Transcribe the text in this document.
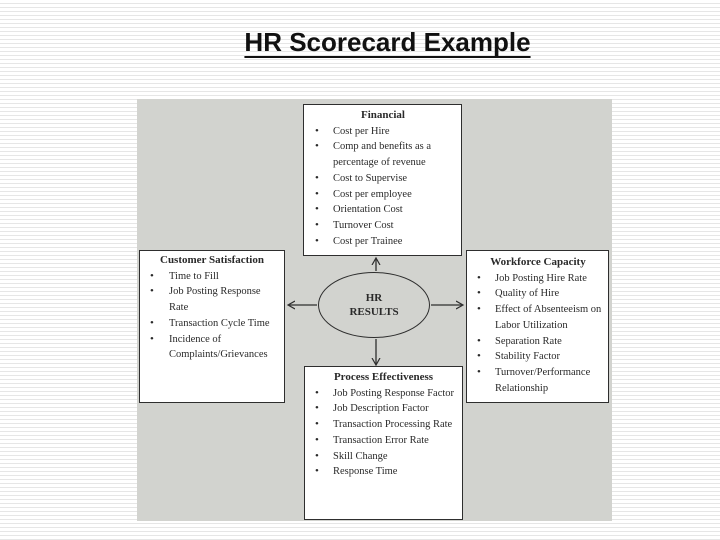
HR Scorecard Example
Financial
• Cost per Hire
• Comp and benefits as a percentage of revenue
• Cost to Supervise
• Cost per employee
• Orientation Cost
• Turnover Cost
• Cost per Trainee
Customer Satisfaction
• Time to Fill
• Job Posting Response Rate
• Transaction Cycle Time
• Incidence of Complaints/Grievances
HR
RESULTS
Workforce Capacity
• Job Posting Hire Rate
• Quality of Hire
• Effect of Absenteeism on Labor Utilization
• Separation Rate
• Stability Factor
• Turnover/Performance Relationship
Process Effectiveness
• Job Posting Response Factor
• Job Description Factor
• Transaction Processing Rate
• Transaction Error Rate
• Skill Change
• Response Time
